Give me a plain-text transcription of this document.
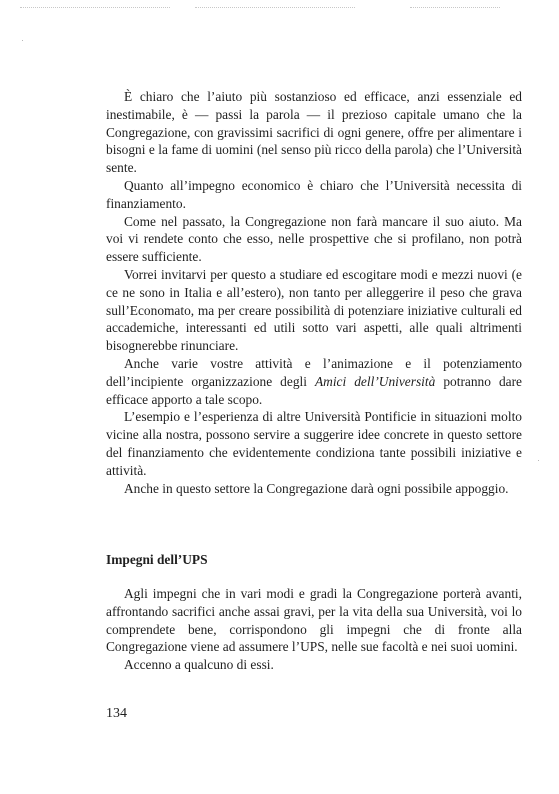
È chiaro che l’aiuto più sostanzioso ed efficace, anzi essenziale ed inestimabile, è — passi la parola — il prezioso capitale umano che la Congregazione, con gravissimi sacrifici di ogni genere, offre per alimentare i bisogni e la fame di uomini (nel senso più ricco della parola) che l’Università sente.

Quanto all’impegno economico è chiaro che l’Università necessita di finanziamento.

Come nel passato, la Congregazione non farà mancare il suo aiuto. Ma voi vi rendete conto che esso, nelle prospettive che si profilano, non potrà essere sufficiente.

Vorrei invitarvi per questo a studiare ed escogitare modi e mezzi nuovi (e ce ne sono in Italia e all’estero), non tanto per alleggerire il peso che grava sull’Economato, ma per creare possibilità di potenziare iniziative culturali ed accademiche, interessanti ed utili sotto vari aspetti, alle quali altrimenti bisognerebbe rinunciare.

Anche varie vostre attività e l’animazione e il potenziamento dell’incipiente organizzazione degli Amici dell’Università potranno dare efficace apporto a tale scopo.

L’esempio e l’esperienza di altre Università Pontificie in situazioni molto vicine alla nostra, possono servire a suggerire idee concrete in questo settore del finanziamento che evidentemente condiziona tante possibili iniziative e attività.

Anche in questo settore la Congregazione darà ogni possibile appoggio.

Impegni dell’UPS

Agli impegni che in vari modi e gradi la Congregazione porterà avanti, affrontando sacrifici anche assai gravi, per la vita della sua Università, voi lo comprendete bene, corrispondono gli impegni che di fronte alla Congregazione viene ad assumere l’UPS, nelle sue facoltà e nei suoi uomini.

Accenno a qualcuno di essi.

134
